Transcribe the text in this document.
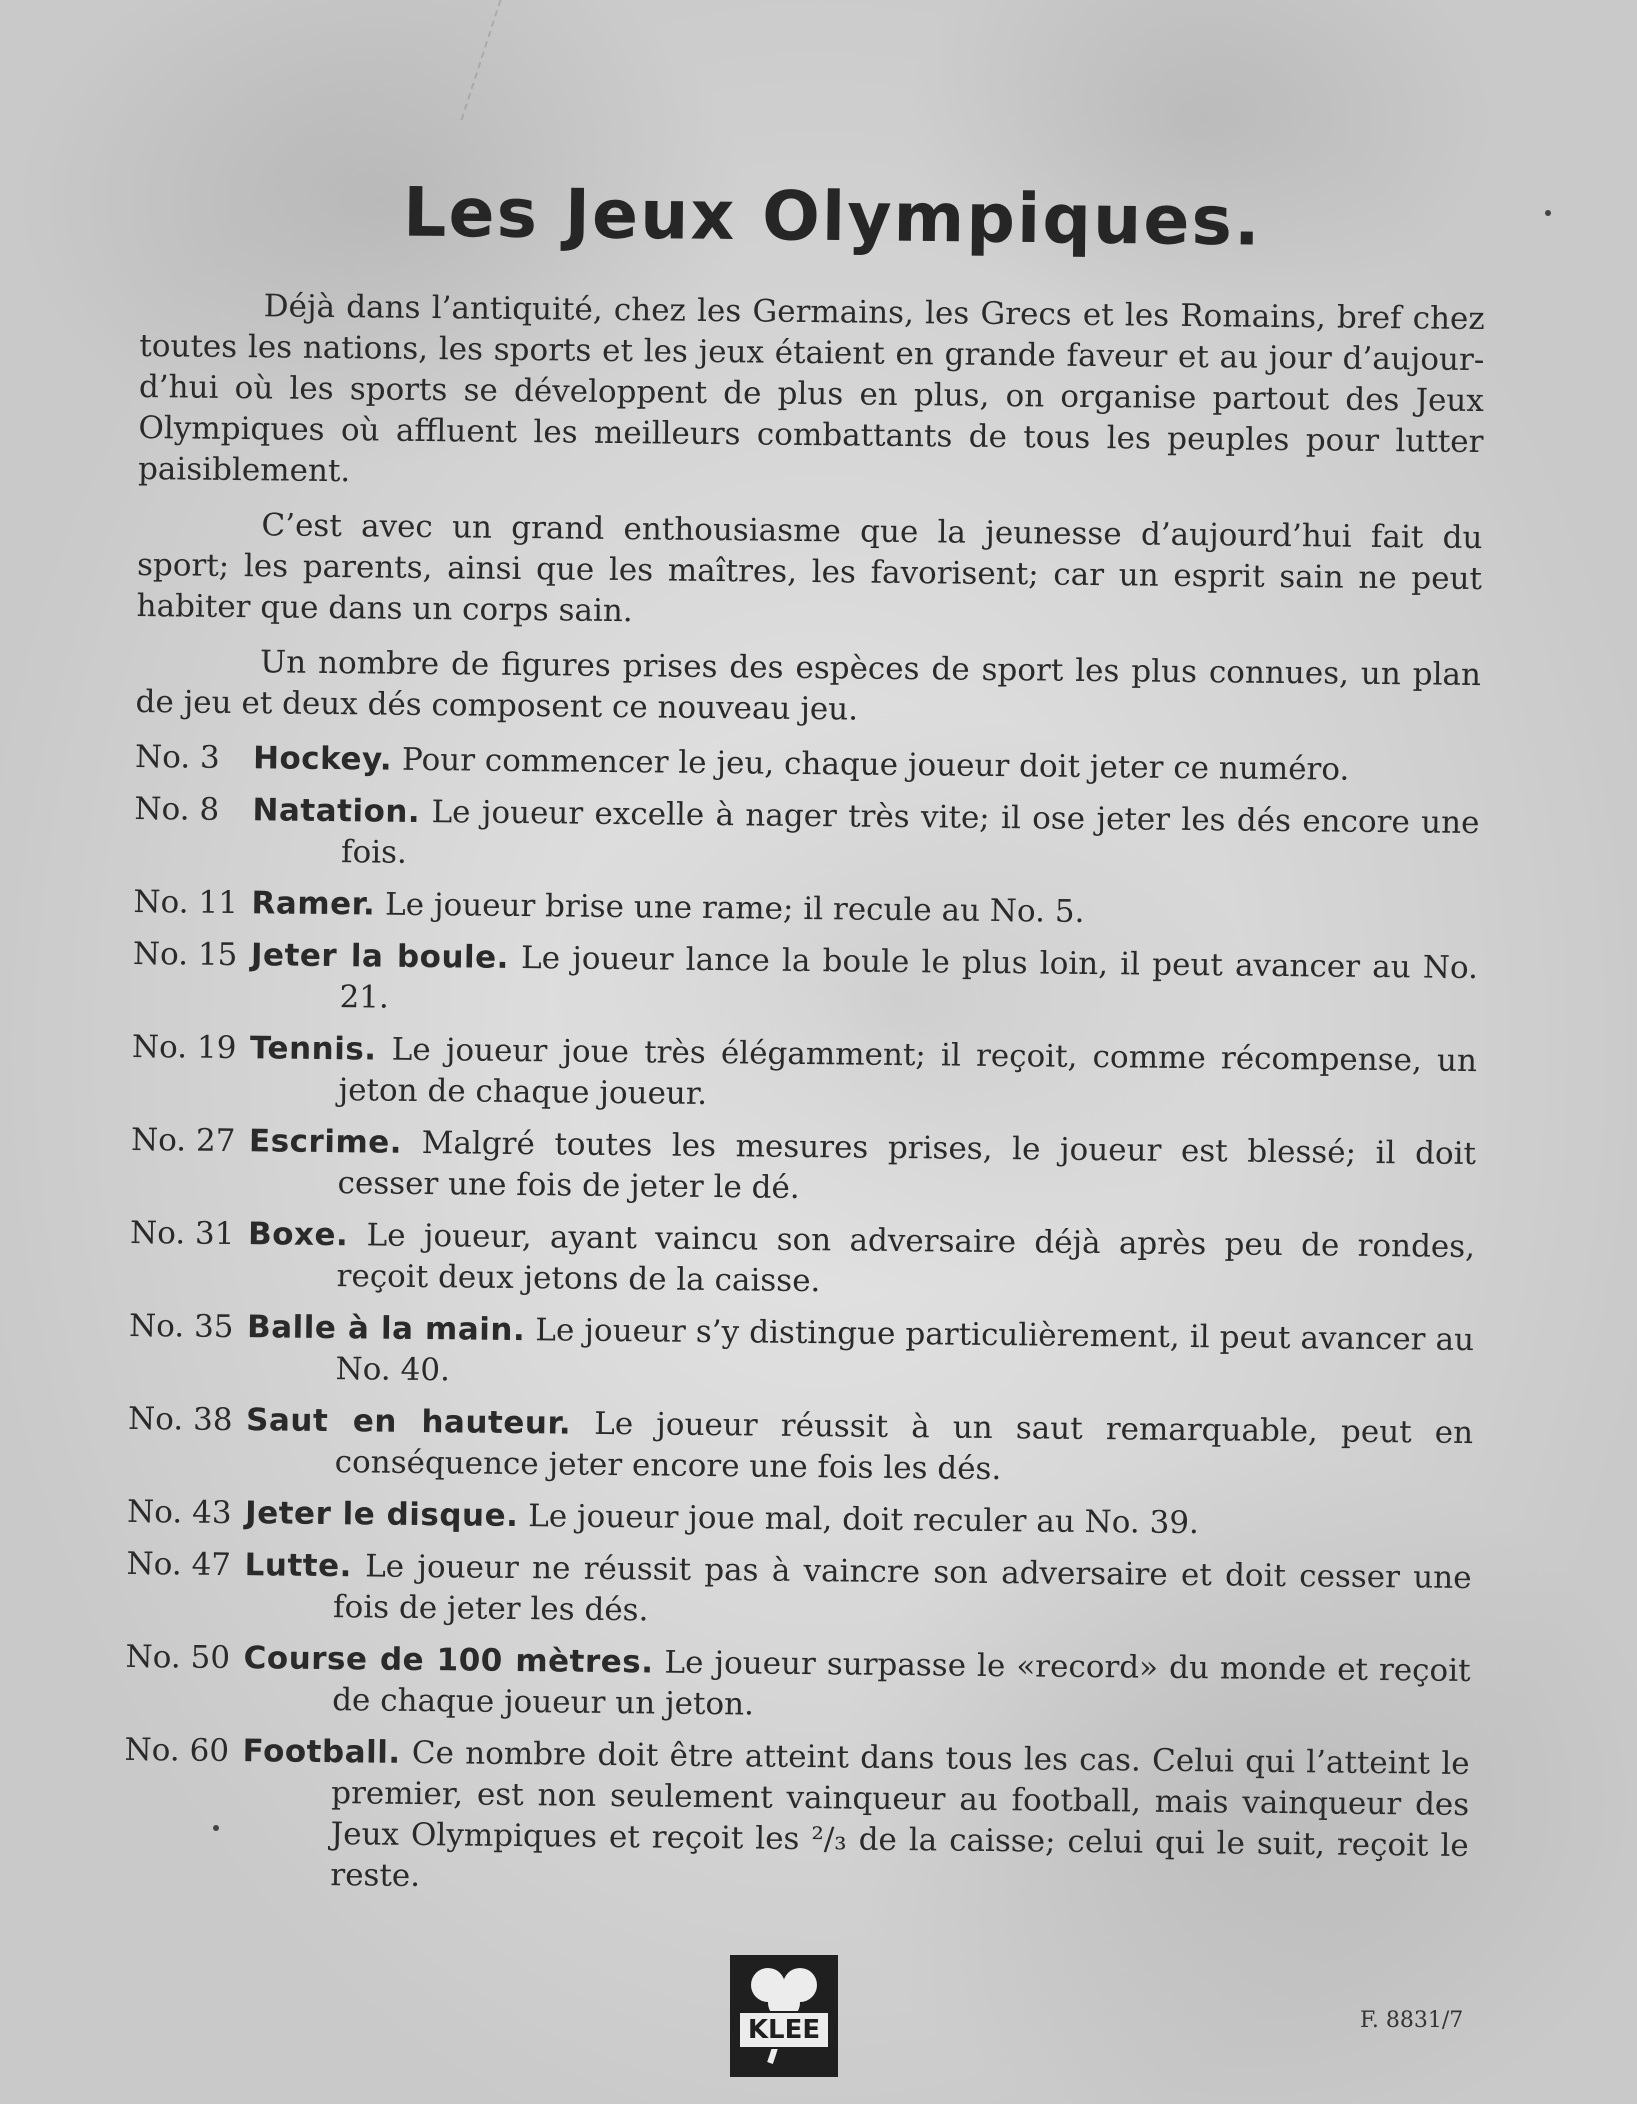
Les Jeux Olympiques.

Déjà dans l’antiquité, chez les Germains, les Grecs et les Romains, bref chez toutes les nations, les sports et les jeux étaient en grande faveur et au jour d’aujour-d’hui où les sports se développent de plus en plus, on organise partout des Jeux Olympiques où affluent les meilleurs combattants de tous les peuples pour lutter paisiblement.

C’est avec un grand enthousiasme que la jeunesse d’aujourd’hui fait du sport; les parents, ainsi que les maîtres, les favorisent; car un esprit sain ne peut habiter que dans un corps sain.

Un nombre de figures prises des espèces de sport les plus connues, un plan de jeu et deux dés composent ce nouveau jeu.

No. 3	Hockey. Pour commencer le jeu, chaque joueur doit jeter ce numéro.
No. 8	Natation. Le joueur excelle à nager très vite; il ose jeter les dés encore une fois.
No. 11 Ramer. Le joueur brise une rame; il recule au No. 5.
No. 15 Jeter la boule. Le joueur lance la boule le plus loin, il peut avancer au No. 21.
No. 19 Tennis. Le joueur joue très élégamment; il reçoit, comme récompense, un jeton de chaque joueur.
No. 27 Escrime. Malgré toutes les mesures prises, le joueur est blessé; il doit cesser une fois de jeter le dé.
No. 31 Boxe. Le joueur, ayant vaincu son adversaire déjà après peu de rondes, reçoit deux jetons de la caisse.
No. 35 Balle à la main. Le joueur s’y distingue particulièrement, il peut avancer au No. 40.
No. 38 Saut en hauteur. Le joueur réussit à un saut remarquable, peut en conséquence jeter encore une fois les dés.
No. 43 Jeter le disque. Le joueur joue mal, doit reculer au No. 39.
No. 47 Lutte. Le joueur ne réussit pas à vaincre son adversaire et doit cesser une fois de jeter les dés.
No. 50 Course de 100 mètres. Le joueur surpasse le «record» du monde et reçoit de chaque joueur un jeton.
No. 60 Football. Ce nombre doit être atteint dans tous les cas. Celui qui l’atteint le premier, est non seulement vainqueur au football, mais vainqueur des Jeux Olympiques et reçoit les ²/₃ de la caisse; celui qui le suit, reçoit le reste.
KLEE	F. 8831/7
